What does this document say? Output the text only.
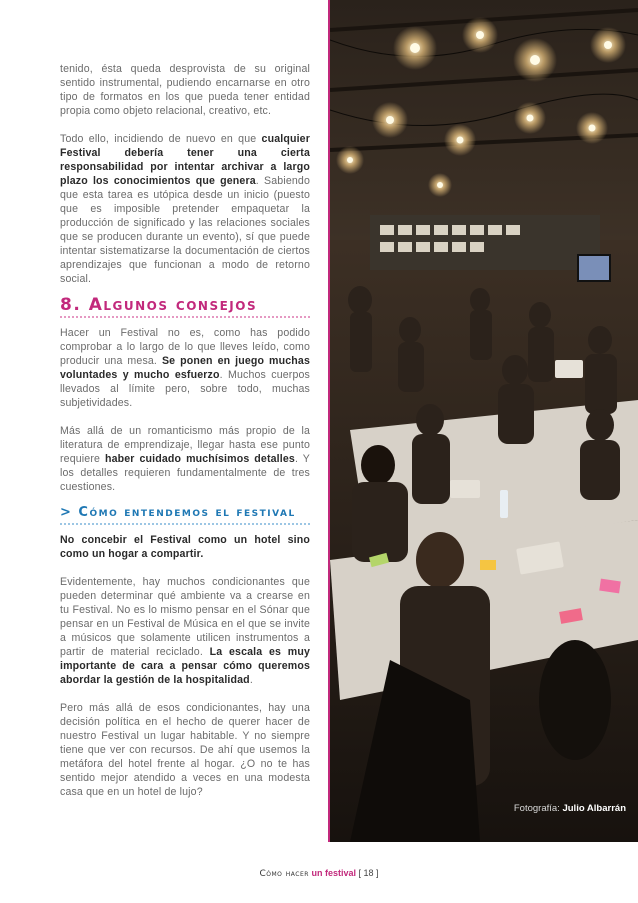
tenido, ésta queda desprovista de su original sentido instrumental, pudiendo encarnarse en otro tipo de formatos en los que pueda tener entidad propia como objeto relacional, creativo, etc.

Todo ello, incidiendo de nuevo en que cualquier Festival debería tener una cierta responsabilidad por intentar archivar a largo plazo los conocimientos que genera. Sabiendo que esta tarea es utópica desde un inicio (puesto que es imposible pretender empaquetar la producción de significado y las relaciones sociales que se producen durante un evento), sí que puede intentar sistematizarse la documentación de ciertos aprendizajes que funcionan a modo de retorno social.

8. Algunos consejos

Hacer un Festival no es, como has podido comprobar a lo largo de lo que lleves leído, como producir una mesa. Se ponen en juego muchas voluntades y mucho esfuerzo. Muchos cuerpos llevados al límite pero, sobre todo, muchas subjetividades.

Más allá de un romanticismo más propio de la literatura de emprendizaje, llegar hasta ese punto requiere haber cuidado muchísimos detalles. Y los detalles requieren fundamentalmente de tres cuestiones.

> Cómo entendemos el festival

No concebir el Festival como un hotel sino como un hogar a compartir.

Evidentemente, hay muchos condicionantes que pueden determinar qué ambiente va a crearse en tu Festival. No es lo mismo pensar en el Sónar que pensar en un Festival de Música en el que se invite a músicos que solamente utilicen instrumentos a partir de material reciclado. La escala es muy importante de cara a pensar cómo queremos abordar la gestión de la hospitalidad.

Pero más allá de esos condicionantes, hay una decisión política en el hecho de querer hacer de nuestro Festival un lugar habitable. Y no siempre tiene que ver con recursos. De ahí que usemos la metáfora del hotel frente al hogar. ¿O no te has sentido mejor atendido a veces en una modesta casa que en un hotel de lujo?

Fotografía: Julio Albarrán
Cómo hacer un festival [ 18 ]
